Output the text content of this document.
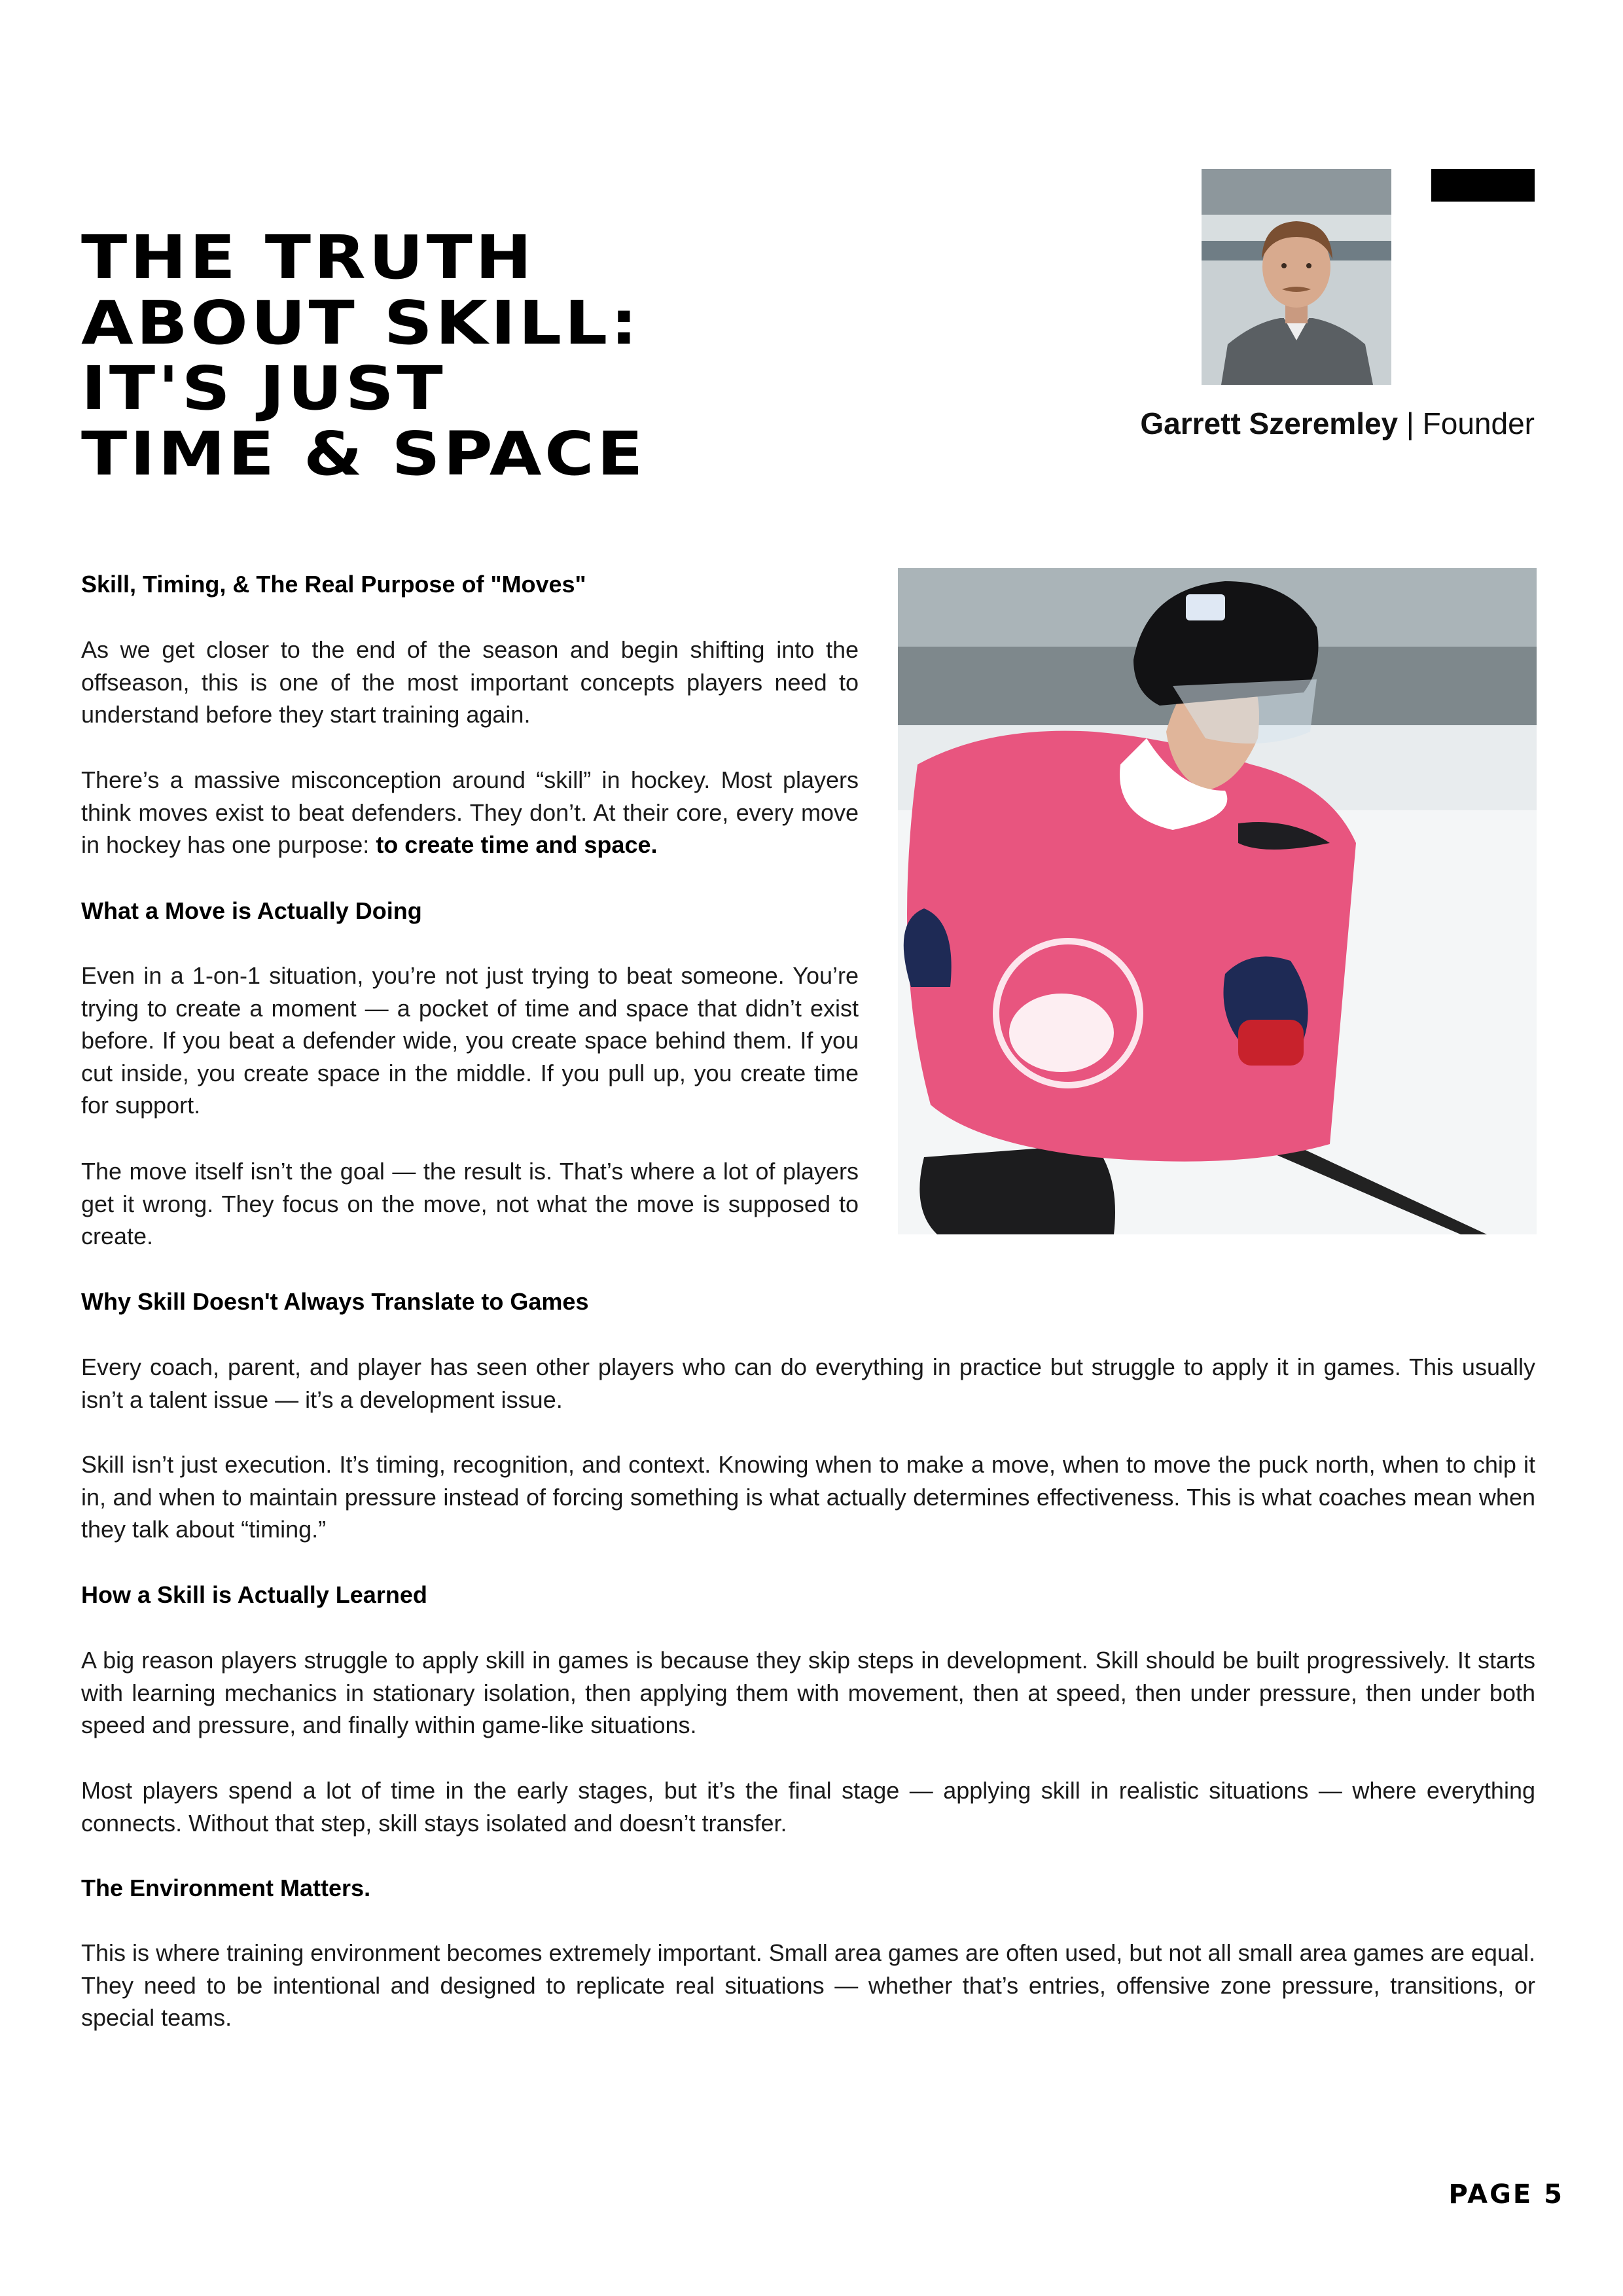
THE TRUTH
ABOUT SKILL:
IT'S JUST
TIME & SPACE	Garrett Szeremley | Founder
Skill, Timing, & The Real Purpose of "Moves"

As we get closer to the end of the season and begin shifting into the offseason, this is one of the most important concepts players need to understand before they start training again.

There’s a massive misconception around “skill” in hockey. Most players think moves exist to beat defenders. They don’t. At their core, every move in hockey has one purpose: to create time and space.

What a Move is Actually Doing

Even in a 1-on-1 situation, you’re not just trying to beat someone. You’re trying to create a moment — a pocket of time and space that didn’t exist before. If you beat a defender wide, you create space behind them. If you cut inside, you create space in the middle. If you pull up, you create time for support.

The move itself isn’t the goal — the result is. That’s where a lot of players get it wrong. They focus on the move, not what the move is supposed to create.

Why Skill Doesn't Always Translate to Games

Every coach, parent, and player has seen other players who can do everything in practice but struggle to apply it in games. This usually isn’t a talent issue — it’s a development issue.

Skill isn’t just execution. It’s timing, recognition, and context. Knowing when to make a move, when to move the puck north, when to chip it in, and when to maintain pressure instead of forcing something is what actually determines effectiveness. This is what coaches mean when they talk about “timing.”

How a Skill is Actually Learned

A big reason players struggle to apply skill in games is because they skip steps in development. Skill should be built progressively. It starts with learning mechanics in stationary isolation, then applying them with movement, then at speed, then under pressure, then under both speed and pressure, and finally within game-like situations.

Most players spend a lot of time in the early stages, but it’s the final stage — applying skill in realistic situations — where everything connects. Without that step, skill stays isolated and doesn’t transfer.

The Environment Matters.

This is where training environment becomes extremely important. Small area games are often used, but not all small area games are equal. They need to be intentional and designed to replicate real situations — whether that’s entries, offensive zone pressure, transitions, or special teams.

PAGE 5
